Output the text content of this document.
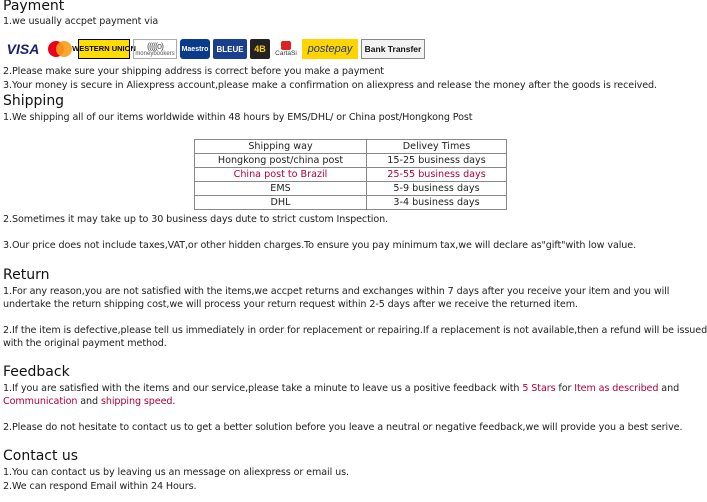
Payment
1.we usually accpet payment via
VISA	WESTERN UNION (((((o)
moneybookers
Maestro BLEUE 4B CartaSi postepay Bank Transfer
2.Please make sure your shipping address is correct before you make a payment
3.Your money is secure in Aliexpress account,please make a confirmation on aliexpress and release the money after the goods is received.
Shipping
1.We shipping all of our items worldwide within 48 hours by EMS/DHL/ or China post/Hongkong Post
Shipping way	Delivey Times
Hongkong post/china post	15-25 business days
China post to Brazil	25-55 business days
EMS	5-9 business days
DHL	3-4 business days
2.Sometimes it may take up to 30 business days dute to strict custom Inspection.
3.Our price does not include taxes,VAT,or other hidden charges.To ensure you pay minimum tax,we will declare as"gift"with low value.
Return
1.For any reason,you are not satisfied with the items,we accpet returns and exchanges within 7 days after you receive your item and you will
undertake the return shipping cost,we will process your return request within 2-5 days after we receive the returned item.
2.If the item is defective,please tell us immediately in order for replacement or repairing.If a replacement is not available,then a refund will be issued
with the original payment method.
Feedback
1.If you are satisfied with the items and our service,please take a minute to leave us a positive feedback with 5 Stars for Item as described and
Communication and shipping speed.
2.Please do not hesitate to contact us to get a better solution before you leave a neutral or negative feedback,we will provide you a best serive.
Contact us
1.You can contact us by leaving us an message on aliexpress or email us.
2.We can respond Email within 24 Hours.
